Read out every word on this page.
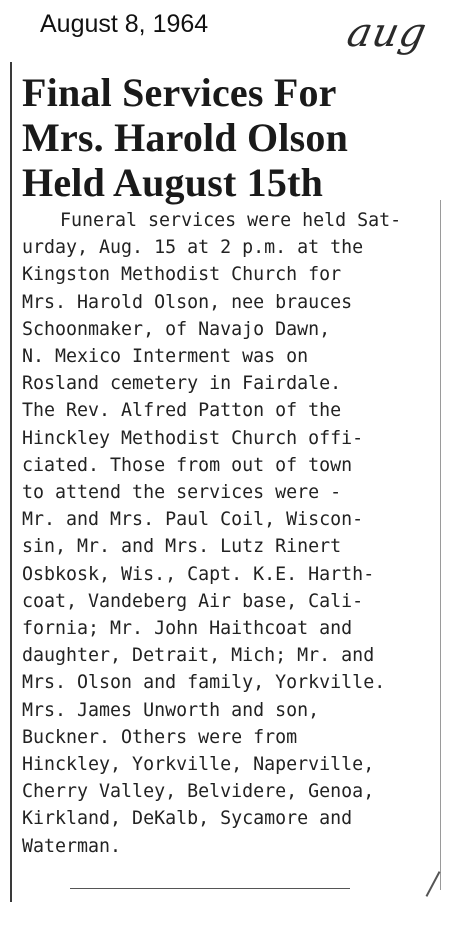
August 8, 1964	aug
Final Services For
Mrs. Harold Olson
Held August 15th
Funeral services were held Sat-
urday, Aug. 15 at 2 p.m. at the
Kingston Methodist Church for
Mrs. Harold Olson, nee brauces
Schoonmaker, of Navajo Dawn,
N. Mexico Interment was on
Rosland cemetery in Fairdale.
The Rev. Alfred Patton of the
Hinckley Methodist Church offi-
ciated. Those from out of town
to attend the services were -
Mr. and Mrs. Paul Coil, Wiscon-
sin, Mr. and Mrs. Lutz Rinert
Osbkosk, Wis., Capt. K.E. Harth-
coat, Vandeberg Air base, Cali-
fornia; Mr. John Haithcoat and
daughter, Detrait, Mich; Mr. and
Mrs. Olson and family, Yorkville.
Mrs. James Unworth and son,
Buckner. Others were from
Hinckley, Yorkville, Naperville,
Cherry Valley, Belvidere, Genoa,
Kirkland, DeKalb, Sycamore and
Waterman.
